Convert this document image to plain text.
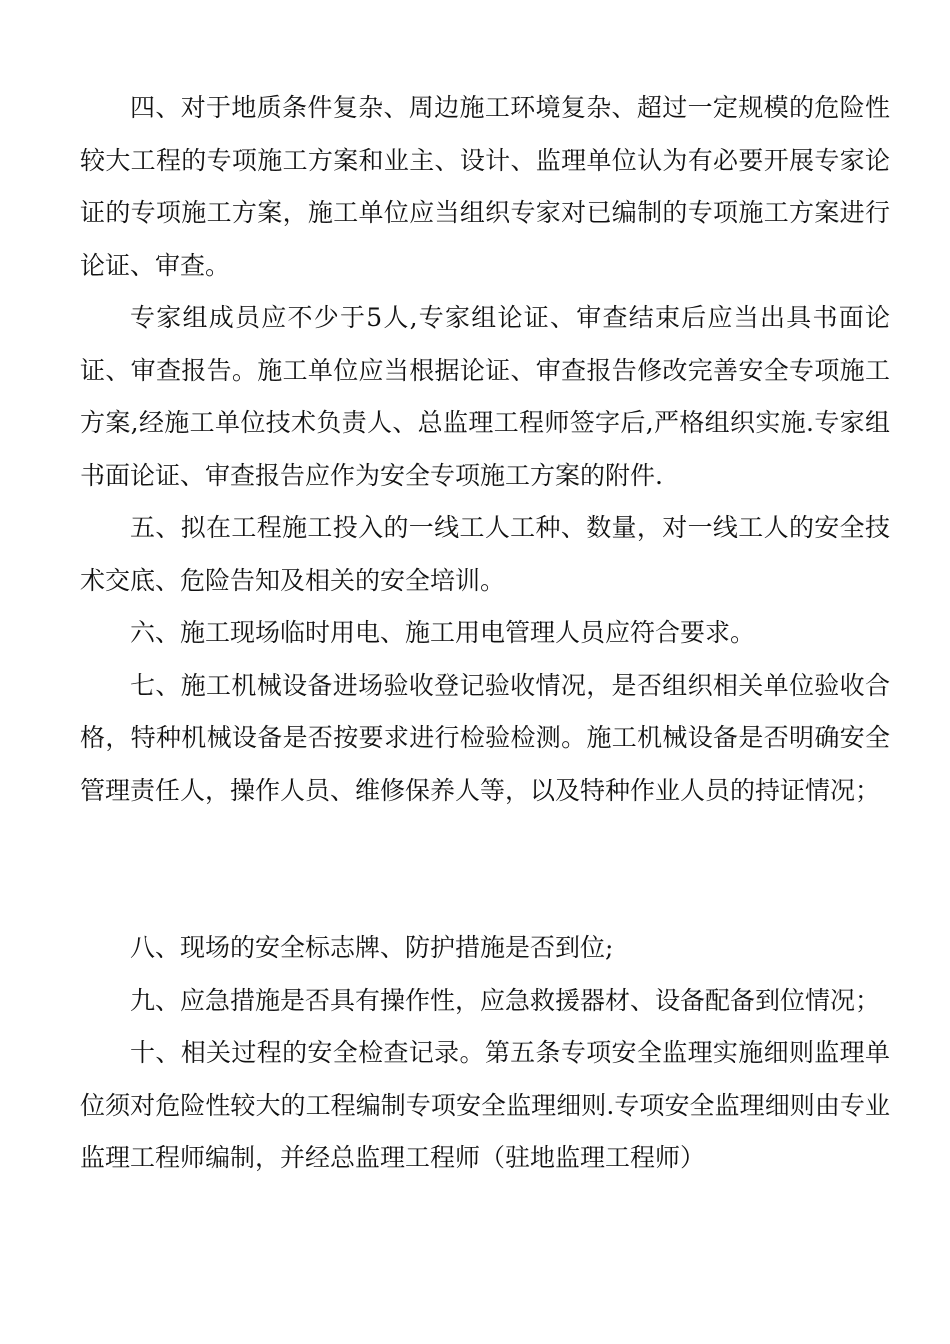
四、对于地质条件复杂、周边施工环境复杂、超过一定规模的危险性较大工程的专项施工方案和业主、设计、监理单位认为有必要开展专家论证的专项施工方案，施工单位应当组织专家对已编制的专项施工方案进行论证、审查。

专家组成员应不少于5人,专家组论证、审查结束后应当出具书面论证、审查报告。施工单位应当根据论证、审查报告修改完善安全专项施工方案,经施工单位技术负责人、总监理工程师签字后,严格组织实施.专家组书面论证、审查报告应作为安全专项施工方案的附件.

五、拟在工程施工投入的一线工人工种、数量，对一线工人的安全技术交底、危险告知及相关的安全培训。

六、施工现场临时用电、施工用电管理人员应符合要求。

七、施工机械设备进场验收登记验收情况，是否组织相关单位验收合格，特种机械设备是否按要求进行检验检测。施工机械设备是否明确安全管理责任人，操作人员、维修保养人等，以及特种作业人员的持证情况；

八、现场的安全标志牌、防护措施是否到位;

九、应急措施是否具有操作性，应急救援器材、设备配备到位情况；

十、相关过程的安全检查记录。第五条专项安全监理实施细则监理单位须对危险性较大的工程编制专项安全监理细则.专项安全监理细则由专业监理工程师编制，并经总监理工程师（驻地监理工程师）
